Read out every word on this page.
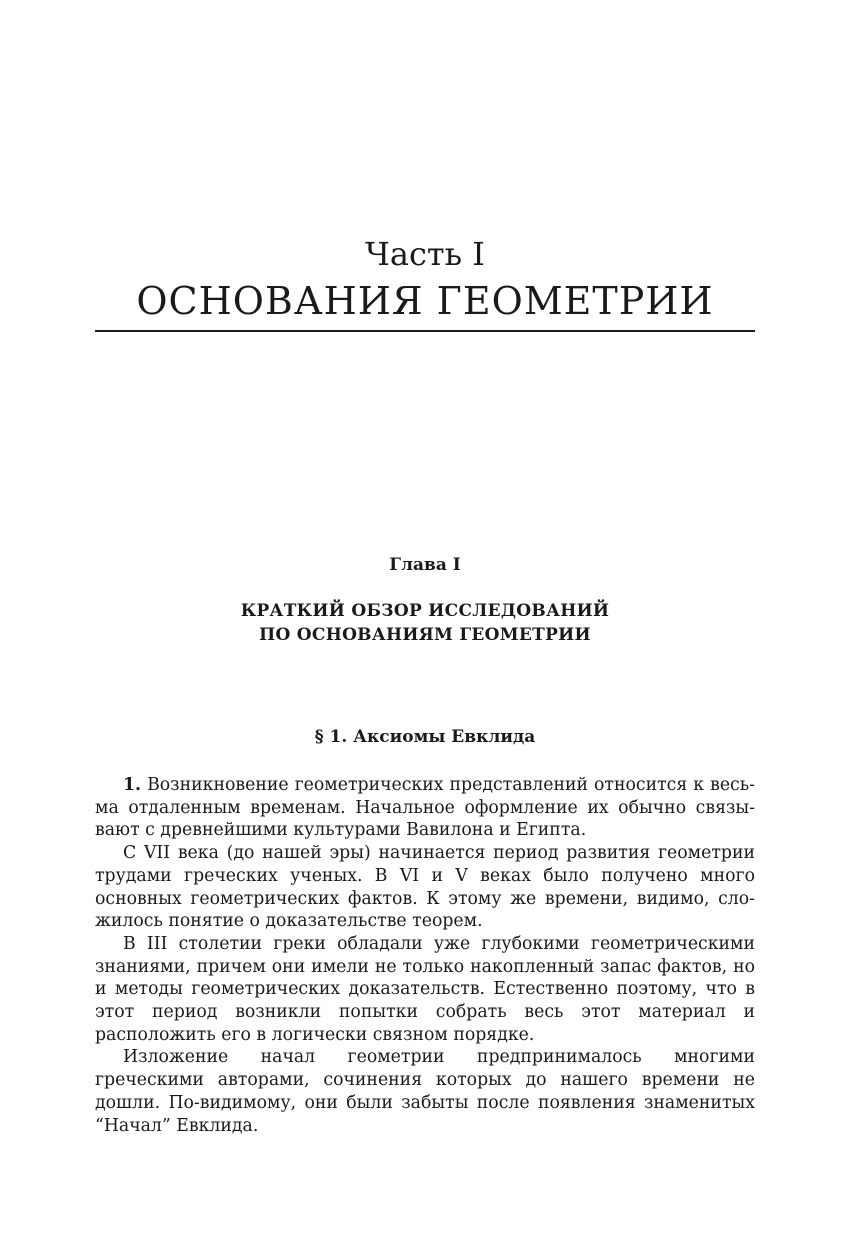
Часть I
ОСНОВАНИЯ ГЕОМЕТРИИ
Глава I
КРАТКИЙ ОБЗОР ИССЛЕДОВАНИЙ
ПО ОСНОВАНИЯМ ГЕОМЕТРИИ
§ 1. Аксиомы Евклида

1. Возникновение геометрических представлений относится к весьма отдаленным временам. Начальное оформление их обычно связывают с древнейшими культурами Вавилона и Египта.

С VII века (до нашей эры) начинается период развития геометрии трудами греческих ученых. В VI и V веках было получено много основных геометрических фактов. К этому же времени, видимо, сложилось понятие о доказательстве теорем.

В III столетии греки обладали уже глубокими геометрическими знаниями, причем они имели не только накопленный запас фактов, но и методы геометрических доказательств. Естественно поэтому, что в этот период возникли попытки собрать весь этот материал и расположить его в логически связном порядке.

Изложение начал геометрии предпринималось многими греческими авторами, сочинения которых до нашего времени не дошли. По-видимому, они были забыты после появления знаменитых “Начал” Евклида.
